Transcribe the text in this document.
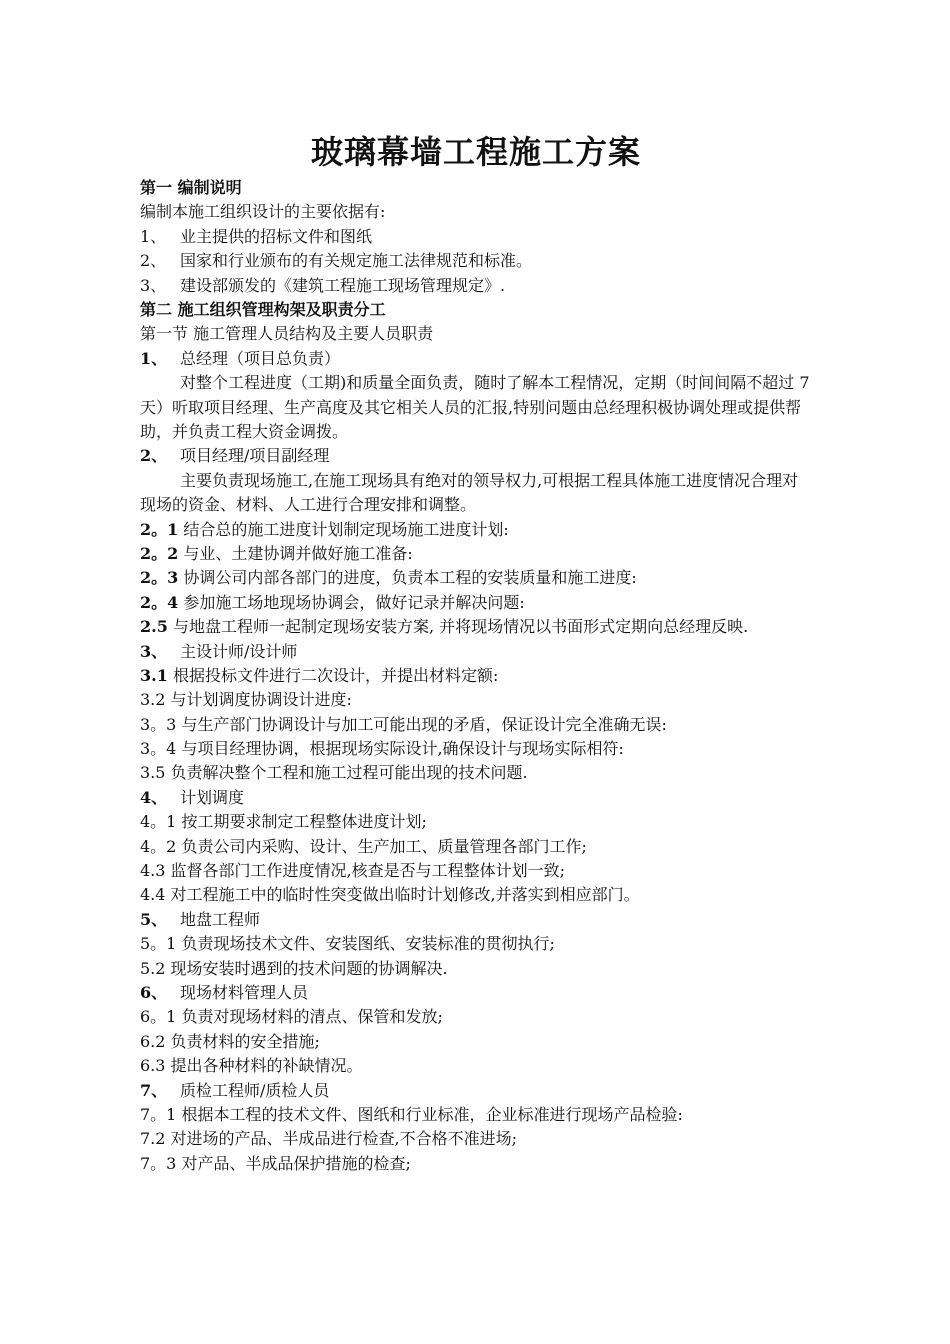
玻璃幕墙工程施工方案
第一 编制说明
编制本施工组织设计的主要依据有:
1、 业主提供的招标文件和图纸
2、 国家和行业颁布的有关规定施工法律规范和标准。
3、 建设部颁发的《建筑工程施工现场管理规定》.
第二 施工组织管理构架及职责分工
第一节 施工管理人员结构及主要人员职责
1、 总经理（项目总负责）
对整个工程进度（工期)和质量全面负责，随时了解本工程情况，定期（时间间隔不超过 7 天）听取项目经理、生产高度及其它相关人员的汇报,特别问题由总经理积极协调处理或提供帮助，并负责工程大资金调拨。
2、 项目经理/项目副经理
主要负责现场施工,在施工现场具有绝对的领导权力,可根据工程具体施工进度情况合理对现场的资金、材料、人工进行合理安排和调整。
2。1 结合总的施工进度计划制定现场施工进度计划:
2。2 与业、土建协调并做好施工准备:
2。3 协调公司内部各部门的进度，负责本工程的安装质量和施工进度:
2。4 参加施工场地现场协调会，做好记录并解决问题:
2.5 与地盘工程师一起制定现场安装方案, 并将现场情况以书面形式定期向总经理反映.
3、 主设计师/设计师
3.1 根据投标文件进行二次设计，并提出材料定额:
3.2 与计划调度协调设计进度:
3。3 与生产部门协调设计与加工可能出现的矛盾，保证设计完全准确无误:
3。4 与项目经理协调，根据现场实际设计,确保设计与现场实际相符:
3.5 负责解决整个工程和施工过程可能出现的技术问题.
4、 计划调度
4。1 按工期要求制定工程整体进度计划;
4。2 负责公司内采购、设计、生产加工、质量管理各部门工作;
4.3 监督各部门工作进度情况,核查是否与工程整体计划一致;
4.4 对工程施工中的临时性突变做出临时计划修改,并落实到相应部门。
5、 地盘工程师
5。1 负责现场技术文件、安装图纸、安装标准的贯彻执行;
5.2 现场安装时遇到的技术问题的协调解决.
6、 现场材料管理人员
6。1 负责对现场材料的清点、保管和发放;
6.2 负责材料的安全措施;
6.3 提出各种材料的补缺情况。
7、 质检工程师/质检人员
7。1 根据本工程的技术文件、图纸和行业标准，企业标准进行现场产品检验:
7.2 对进场的产品、半成品进行检查,不合格不准进场;
7。3 对产品、半成品保护措施的检查;
